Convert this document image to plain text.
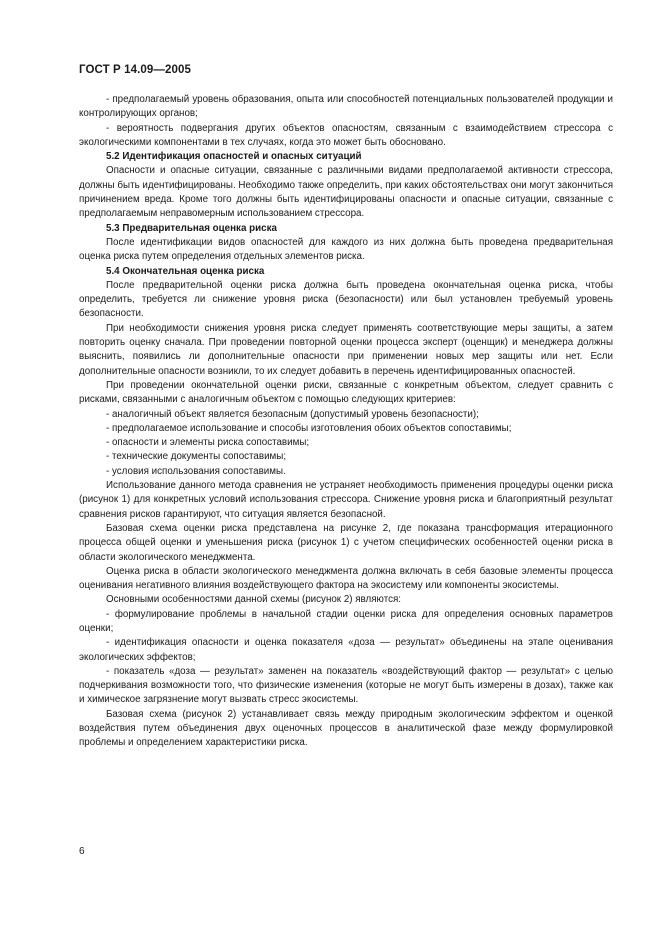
ГОСТ Р 14.09—2005

- предполагаемый уровень образования, опыта или способностей потенциальных пользователей продукции и контролирующих органов;

- вероятность подвергания других объектов опасностям, связанным с взаимодействием стрессора с экологическими компонентами в тех случаях, когда это может быть обосновано.

5.2 Идентификация опасностей и опасных ситуаций

Опасности и опасные ситуации, связанные с различными видами предполагаемой активности стрессора, должны быть идентифицированы. Необходимо также определить, при каких обстоятельствах они могут закончиться причинением вреда. Кроме того должны быть идентифицированы опасности и опасные ситуации, связанные с предполагаемым неправомерным использованием стрессора.

5.3 Предварительная оценка риска

После идентификации видов опасностей для каждого из них должна быть проведена предварительная оценка риска путем определения отдельных элементов риска.

5.4 Окончательная оценка риска

После предварительной оценки риска должна быть проведена окончательная оценка риска, чтобы определить, требуется ли снижение уровня риска (безопасности) или был установлен требуемый уровень безопасности.

При необходимости снижения уровня риска следует применять соответствующие меры защиты, а затем повторить оценку сначала. При проведении повторной оценки процесса эксперт (оценщик) и менеджера должны выяснить, появились ли дополнительные опасности при применении новых мер защиты или нет. Если дополнительные опасности возникли, то их следует добавить в перечень идентифицированных опасностей.

При проведении окончательной оценки риски, связанные с конкретным объектом, следует сравнить с рисками, связанными с аналогичным объектом с помощью следующих критериев:

- аналогичный объект является безопасным (допустимый уровень безопасности);

- предполагаемое использование и способы изготовления обоих объектов сопоставимы;

- опасности и элементы риска сопоставимы;

- технические документы сопоставимы;

- условия использования сопоставимы.

Использование данного метода сравнения не устраняет необходимость применения процедуры оценки риска (рисунок 1) для конкретных условий использования стрессора. Снижение уровня риска и благоприятный результат сравнения рисков гарантируют, что ситуация является безопасной.

Базовая схема оценки риска представлена на рисунке 2, где показана трансформация итерационного процесса общей оценки и уменьшения риска (рисунок 1) с учетом специфических особенностей оценки риска в области экологического менеджмента.

Оценка риска в области экологического менеджмента должна включать в себя базовые элементы процесса оценивания негативного влияния воздействующего фактора на экосистему или компоненты экосистемы.

Основными особенностями данной схемы (рисунок 2) являются:

- формулирование проблемы в начальной стадии оценки риска для определения основных параметров оценки;

- идентификация опасности и оценка показателя «доза — результат» объединены на этапе оценивания экологических эффектов;

- показатель «доза — результат» заменен на показатель «воздействующий фактор — результат» с целью подчеркивания возможности того, что физические изменения (которые не могут быть измерены в дозах), также как и химическое загрязнение могут вызвать стресс экосистемы.

Базовая схема (рисунок 2) устанавливает связь между природным экологическим эффектом и оценкой воздействия путем объединения двух оценочных процессов в аналитической фазе между формулировкой проблемы и определением характеристики риска.

6
